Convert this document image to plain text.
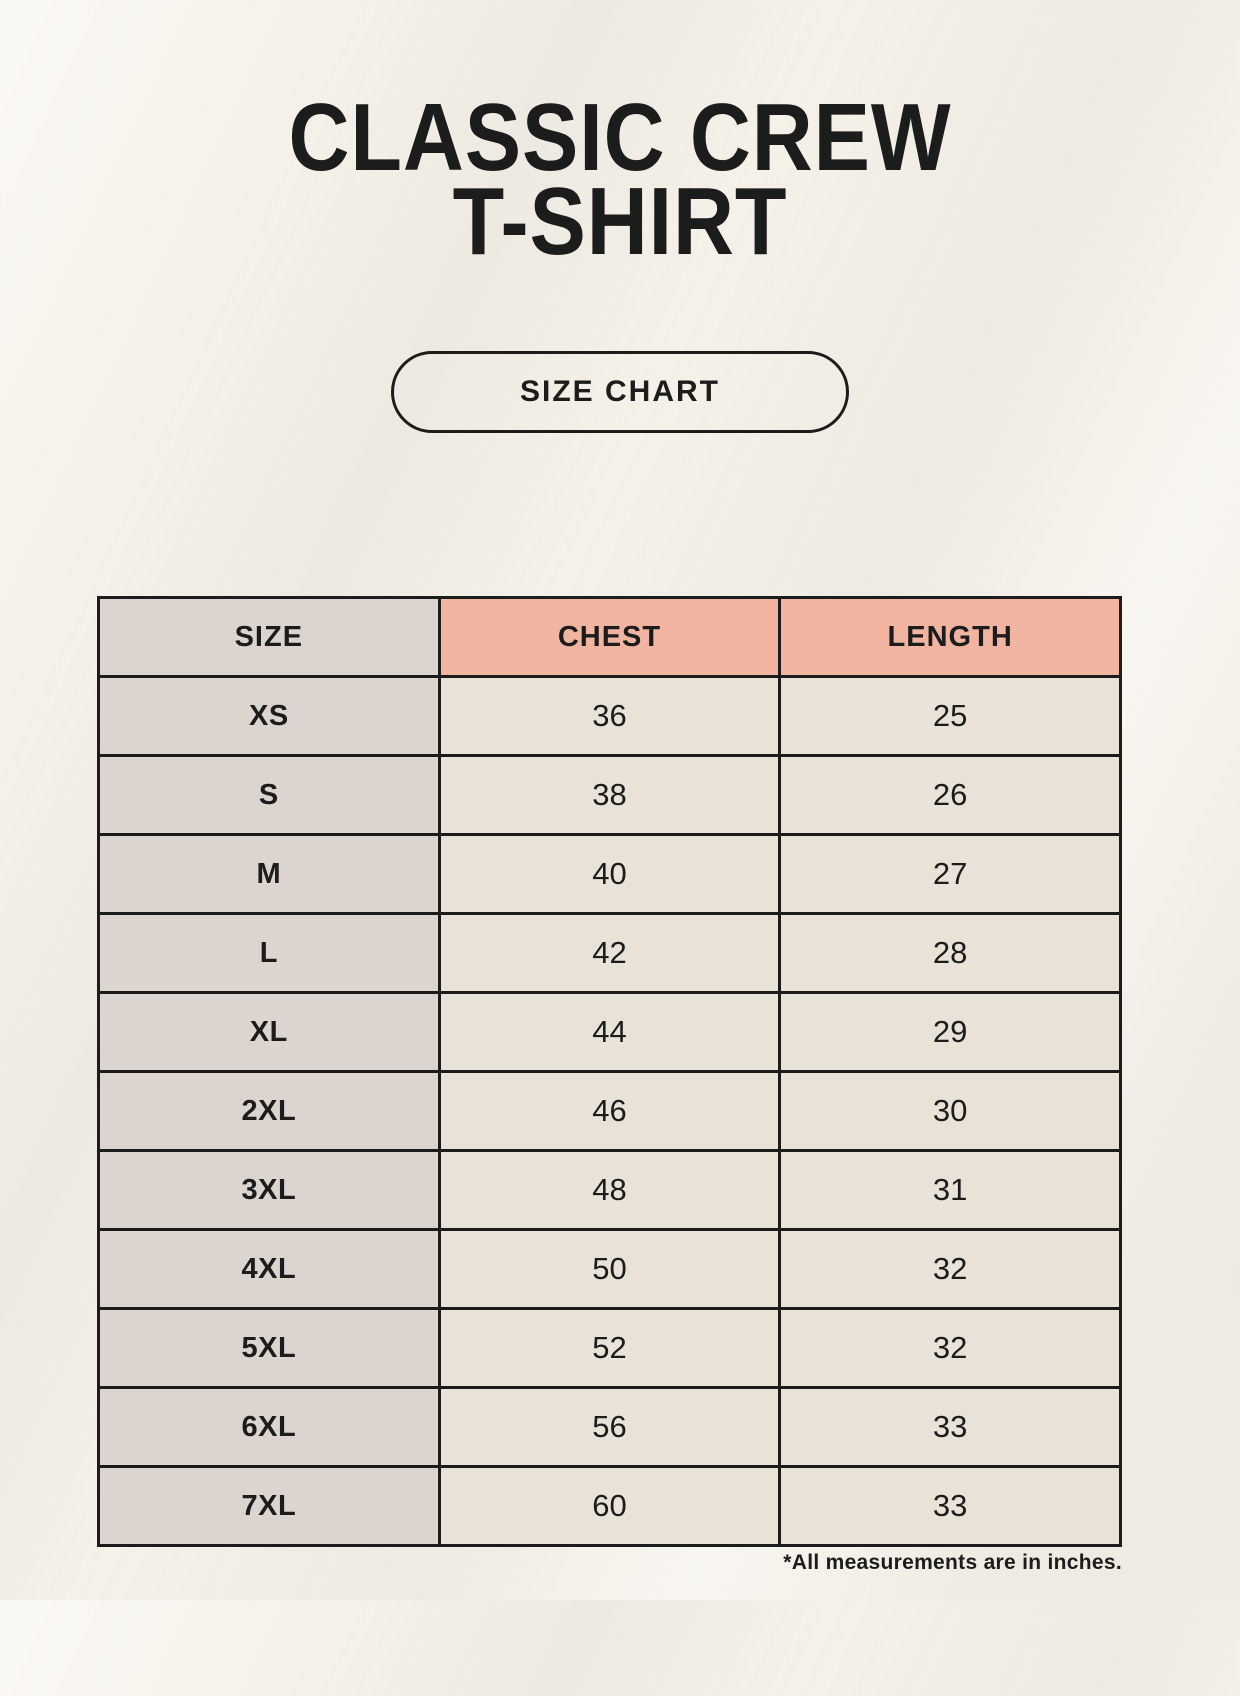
CLASSIC CREW
T-SHIRT
SIZE CHART
SIZE	CHEST	LENGTH
XS	36	25
S	38	26
M	40	27
L	42	28
XL	44	29
2XL	46	30
3XL	48	31
4XL	50	32
5XL	52	32
6XL	56	33
7XL	60	33
*All measurements are in inches.
